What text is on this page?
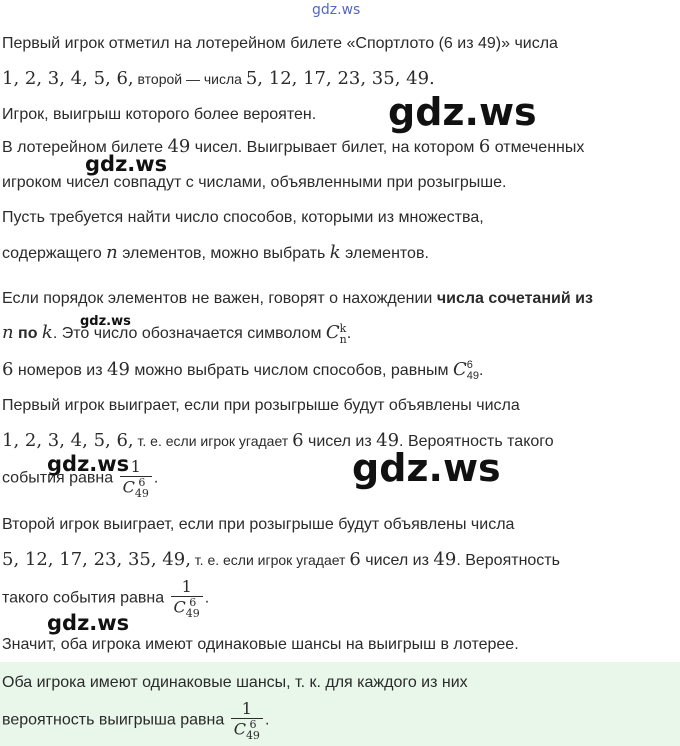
gdz.ws
Первый игрок отметил на лотерейном билете «Спортлото (6 из 49)» числа
1, 2, 3, 4, 5, 6, второй — числа 5, 12, 17, 23, 35, 49.
Игрок, выигрыш которого более вероятен.
В лотерейном билете 49 чисел. Выигрывает билет, на котором 6 отмеченных
игроком чисел совпадут с числами, объявленными при розыгрыше.
Пусть требуется найти число способов, которыми из множества,
содержащего n элементов, можно выбрать k элементов.
Если порядок элементов не важен, говорят о нахождении числа сочетаний из
n по k. Это число обозначается символом C k
n .
6 номеров из 49 можно выбрать числом способов, равным C 6
49 .
Первый игрок выиграет, если при розыгрыше будут объявлены числа
1, 2, 3, 4, 5, 6, т. е. если игрок угадает 6 чисел из 49. Вероятность такого
события равна 1
C 6
49 .
Второй игрок выиграет, если при розыгрыше будут объявлены числа
5, 12, 17, 23, 35, 49, т. е. если игрок угадает 6 чисел из 49. Вероятность
такого события равна 1
C 6
49 .
Значит, оба игрока имеют одинаковые шансы на выигрыш в лотерее.
Оба игрока имеют одинаковые шансы, т. к. для каждого из них
вероятность выигрыша равна 1
C 6
49 .
gdz.ws
gdz.ws
gdz.ws
gdz.ws
gdz.ws
gdz.ws
